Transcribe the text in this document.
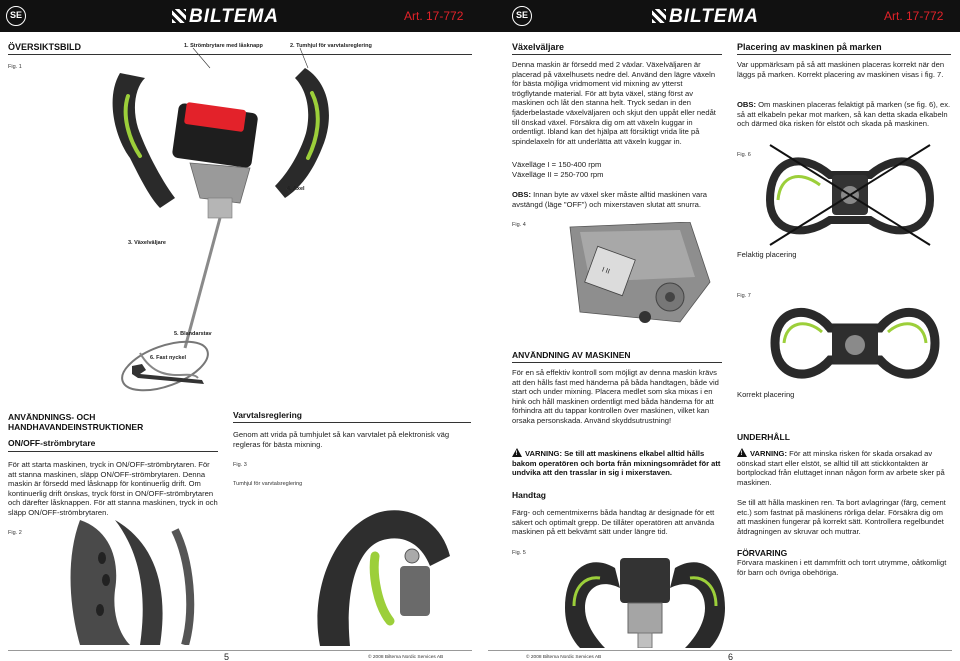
SE	BILTEMA	Art. 17-772
ÖVERSIKTSBILD	1. Strömbrytare med låsknapp	2. Tumhjul för varvtalsreglering
Fig. 1
4. Axel
3. Växelväljare
5. Blandarstav
6. Fast nyckel
ANVÄNDNINGS- OCH HANDHAVANDEINSTRUKTIONER
ON/OFF-strömbrytare
För att starta maskinen, tryck in ON/OFF-strömbrytaren. För att stanna maskinen, släpp ON/OFF-strömbrytaren. Denna maskin är försedd med låsknapp för kontinuerlig drift. Om kontinuerlig drift önskas, tryck först in ON/OFF-strömbrytaren och därefter låsknappen. För att stanna maskinen, tryck in och släpp ON/OFF-strömbrytaren.
Varvtalsreglering
Genom att vrida på tumhjulet så kan varvtalet på elektronisk väg regleras för bästa mixning.
Fig. 3
Tumhjul för varvtalsreglering
Fig. 2
5	© 2008 Biltema Nordic Services AB
SE	BILTEMA	Art. 17-772
Växelväljare
Denna maskin är försedd med 2 växlar. Växelväljaren är placerad på växelhusets nedre del. Använd den lägre växeln för bästa möjliga vridmoment vid mixning av ytterst trögflytande material. För att byta växel, stäng först av maskinen och låt den stanna helt. Tryck sedan in den fjäderbelastade växelväljaren och skjut den uppåt eller nedåt till önskad växel. Försäkra dig om att växeln kuggar in ordentligt. Ibland kan det hjälpa att försiktigt vrida lite på spindelaxeln för att underlätta att växeln kuggar in.
Växelläge I = 150-400 rpm
Växelläge II = 250-700 rpm
OBS: Innan byte av växel sker måste alltid maskinen vara avstängd (läge "OFF") och mixerstaven slutat att snurra.
Fig. 4
I II
Placering av maskinen på marken
Var uppmärksam på så att maskinen placeras korrekt när den läggs på marken. Korrekt placering av maskinen visas i fig. 7.
OBS: Om maskinen placeras felaktigt på marken (se fig. 6), ex. så att elkabeln pekar mot marken, så kan detta skada elkabeln och därmed öka risken för elstöt och skada på maskinen.
Fig. 6
Felaktig placering
Fig. 7
Korrekt placering
ANVÄNDNING AV MASKINEN
För en så effektiv kontroll som möjligt av denna maskin krävs att den hålls fast med händerna på båda handtagen, både vid start och under mixning. Placera medlet som ska mixas i en hink och håll maskinen ordentligt med båda händerna för att förhindra att du tappar kontrollen över maskinen, vilket kan orsaka personskada. Använd skyddsutrustning!
!VARNING: Se till att maskinens elkabel alltid hålls bakom operatören och borta från mixningsområdet för att undvika att den trasslar in sig i mixerstaven.
Handtag
Färg- och cementmixerns båda handtag är designade för ett säkert och optimalt grepp. De tillåter operatören att använda maskinen på ett bekvämt sätt under längre tid.
Fig. 5
UNDERHÅLL
!VARNING: För att minska risken för skada orsakad av oönskad start eller elstöt, se alltid till att stickkontakten är bortplockad från eluttaget innan någon form av arbete sker på maskinen.
Se till att hålla maskinen ren. Ta bort avlagringar (färg, cement etc.) som fastnat på maskinens rörliga delar. Försäkra dig om att maskinen fungerar på korrekt sätt. Kontrollera regelbundet åtdragningen av skruvar och muttrar.
FÖRVARING
Förvara maskinen i ett dammfritt och torrt utrymme, oåtkomligt för barn och övriga obehöriga.
© 2008 Biltema Nordic Services AB	6
